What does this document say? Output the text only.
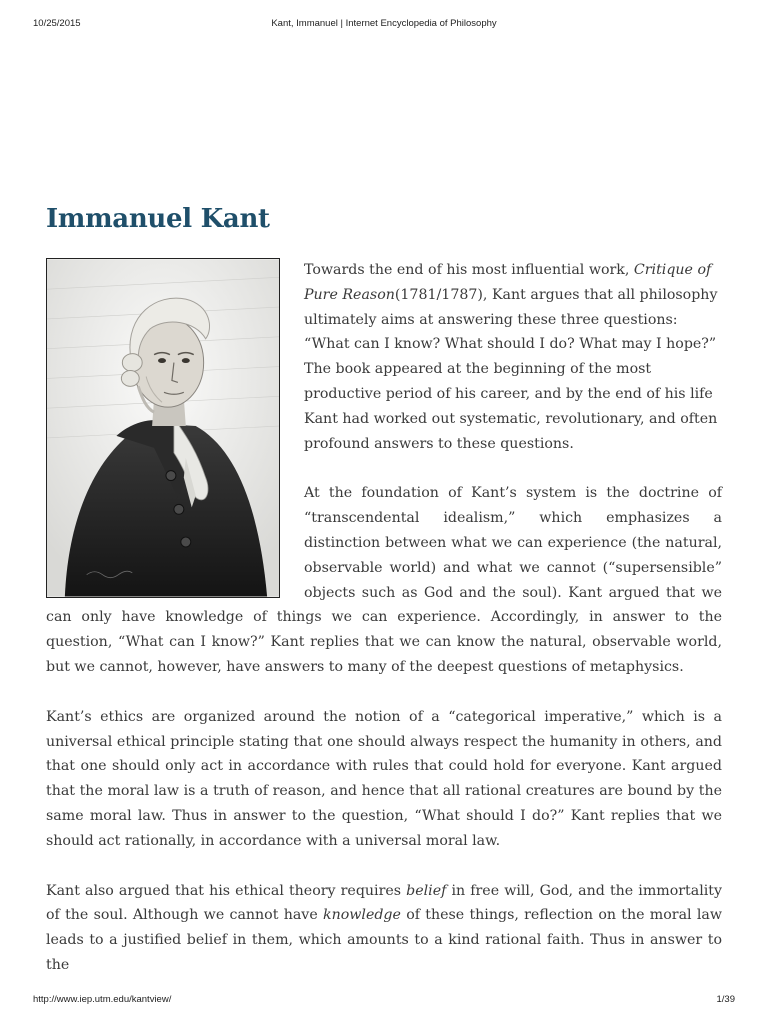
10/25/2015	Kant, Immanuel | Internet Encyclopedia of Philosophy
Immanuel Kant

Towards the end of his most influential work, Critique of Pure Reason(1781/1787), Kant argues that all philosophy ultimately aims at answering these three questions: “What can I know? What should I do? What may I hope?” The book appeared at the beginning of the most productive period of his career, and by the end of his life Kant had worked out systematic, revolutionary, and often profound answers to these questions.

At the foundation of Kant’s system is the doctrine of “transcendental idealism,” which emphasizes a distinction between what we can experience (the natural, observable world) and what we cannot (“supersensible” objects such as God and the soul). Kant argued that we can only have knowledge of things we can experience. Accordingly, in answer to the question, “What can I know?” Kant replies that we can know the natural, observable world, but we cannot, however, have answers to many of the deepest questions of metaphysics.

Kant’s ethics are organized around the notion of a “categorical imperative,” which is a universal ethical principle stating that one should always respect the humanity in others, and that one should only act in accordance with rules that could hold for everyone. Kant argued that the moral law is a truth of reason, and hence that all rational creatures are bound by the same moral law. Thus in answer to the question, “What should I do?” Kant replies that we should act rationally, in accordance with a universal moral law.

Kant also argued that his ethical theory requires belief in free will, God, and the immortality of the soul. Although we cannot have knowledge of these things, reflection on the moral law leads to a justified belief in them, which amounts to a kind rational faith. Thus in answer to the

http://www.iep.utm.edu/kantview/	1/39
